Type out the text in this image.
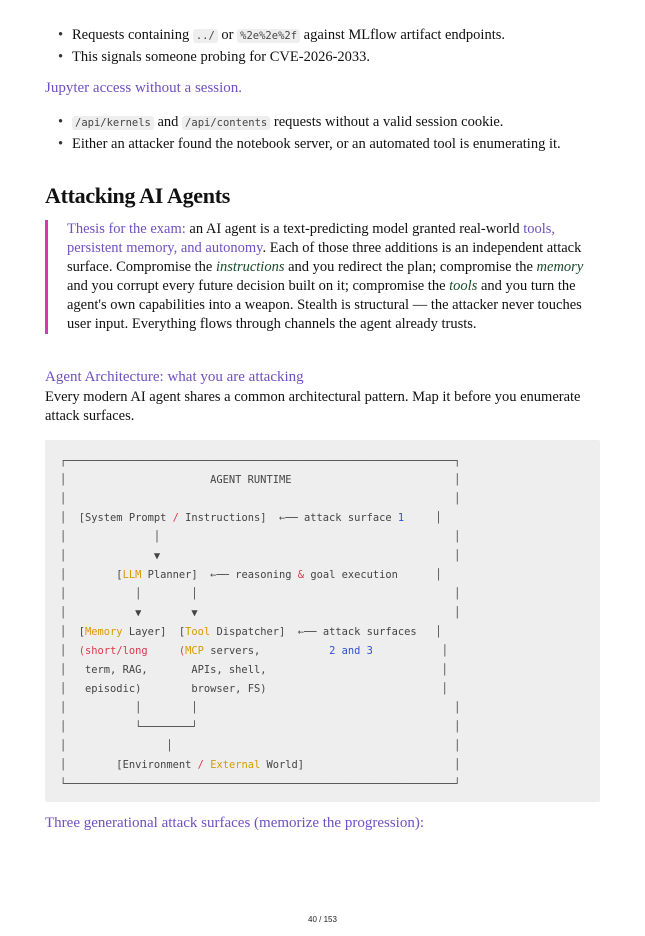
• Requests containing ../ or %2e%2e%2f against MLflow artifact endpoints.
• This signals someone probing for CVE-2026-2033.
Jupyter access without a session.
• /api/kernels and /api/contents requests without a valid session cookie.
• Either an attacker found the notebook server, or an automated tool is enumerating it.
Attacking AI Agents
Thesis for the exam: an AI agent is a text-predicting model granted real-world tools, persistent memory, and autonomy. Each of those three additions is an independent attack surface. Compromise the instructions and you redirect the plan; compromise the memory and you corrupt every future decision built on it; compromise the tools and you turn the agent's own capabilities into a weapon. Stealth is structural — the attacker never touches user input. Everything flows through channels the agent already trusts.
Agent Architecture: what you are attacking
Every modern AI agent shares a common architectural pattern. Map it before you enumerate attack surfaces.
┌──────────────────────────────────────────────────────────────┐
│	AGENT RUNTIME	│
│                                                              │
│  [System Prompt / Instructions]  ←── attack surface 1	│
│              │                                               │
│              ▼                                               │
│        [LLM Planner]  ←── reasoning & goal execution	│
│           │        │                                         │
│           ▼        ▼                                         │
│  [Memory Layer]  [Tool Dispatcher]  ←── attack surfaces   │
│  (short/long	(MCP servers,	2 and 3	│
│   term, RAG,	APIs, shell,	│
│   episodic)	browser, FS)	│
│           │        │                                         │
│           └────────┘                                         │
│                │                                             │
│        [Environment / External World]                        │
└──────────────────────────────────────────────────────────────┘
Three generational attack surfaces (memorize the progression):
40 / 153
